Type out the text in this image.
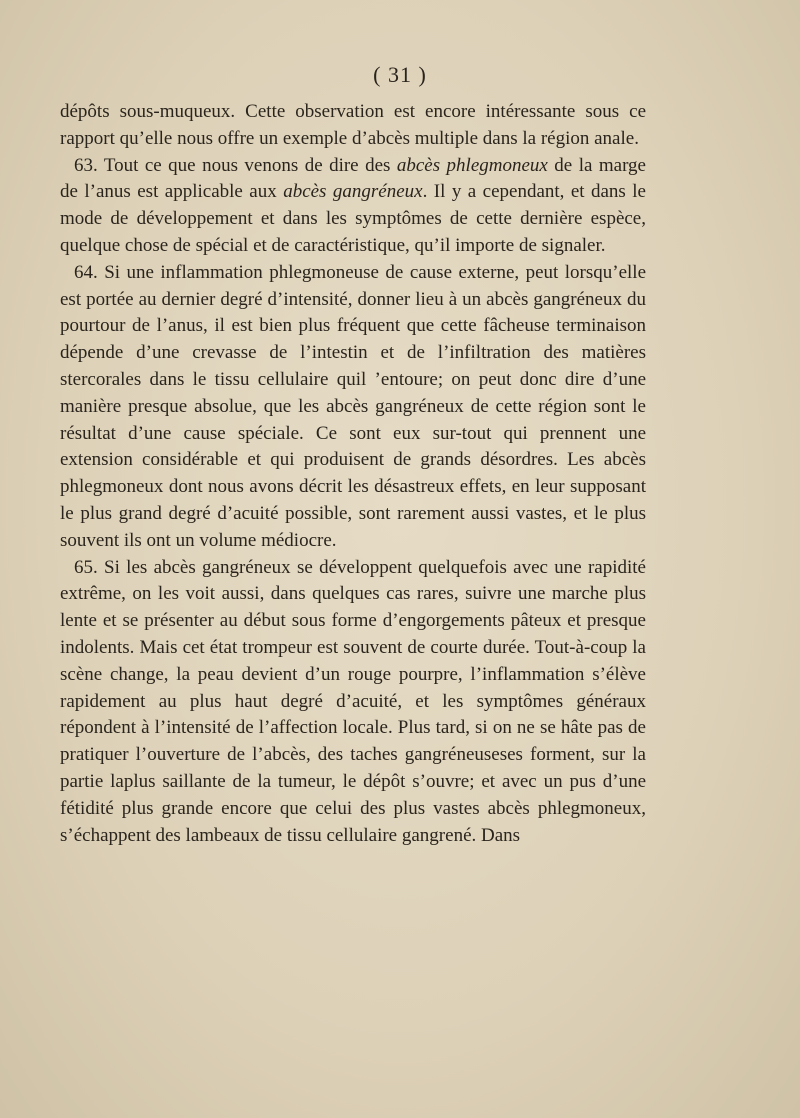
( 31 )

dépôts sous-muqueux. Cette observation est encore intéressante sous ce rapport qu’elle nous offre un exemple d’abcès multiple dans la région anale.

63. Tout ce que nous venons de dire des abcès phlegmoneux de la marge de l’anus est applicable aux abcès gangréneux. Il y a cependant, et dans le mode de développement et dans les symptômes de cette dernière espèce, quelque chose de spécial et de caractéristique, qu’il importe de signaler.

64. Si une inflammation phlegmoneuse de cause externe, peut lorsqu’elle est portée au dernier degré d’intensité, donner lieu à un abcès gangréneux du pourtour de l’anus, il est bien plus fréquent que cette fâcheuse terminaison dépende d’une crevasse de l’intestin et de l’infiltration des matières stercorales dans le tissu cellulaire quil ’entoure; on peut donc dire d’une manière presque absolue, que les abcès gangréneux de cette région sont le résultat d’une cause spéciale. Ce sont eux sur-tout qui prennent une extension considérable et qui produisent de grands désordres. Les abcès phlegmoneux dont nous avons décrit les désastreux effets, en leur supposant le plus grand degré d’acuité possible, sont rarement aussi vastes, et le plus souvent ils ont un volume médiocre.

65. Si les abcès gangréneux se développent quelquefois avec une rapidité extrême, on les voit aussi, dans quelques cas rares, suivre une marche plus lente et se présenter au début sous forme d’engorgements pâteux et presque indolents. Mais cet état trompeur est souvent de courte durée. Tout-à-coup la scène change, la peau devient d’un rouge pourpre, l’inflammation s’élève rapidement au plus haut degré d’acuité, et les symptômes généraux répondent à l’intensité de l’affection locale. Plus tard, si on ne se hâte pas de pratiquer l’ouverture de l’abcès, des taches gangréneuseses forment, sur la partie laplus saillante de la tumeur, le dépôt s’ouvre; et avec un pus d’une fétidité plus grande encore que celui des plus vastes abcès phlegmoneux, s’échappent des lambeaux de tissu cellulaire gangrené. Dans
